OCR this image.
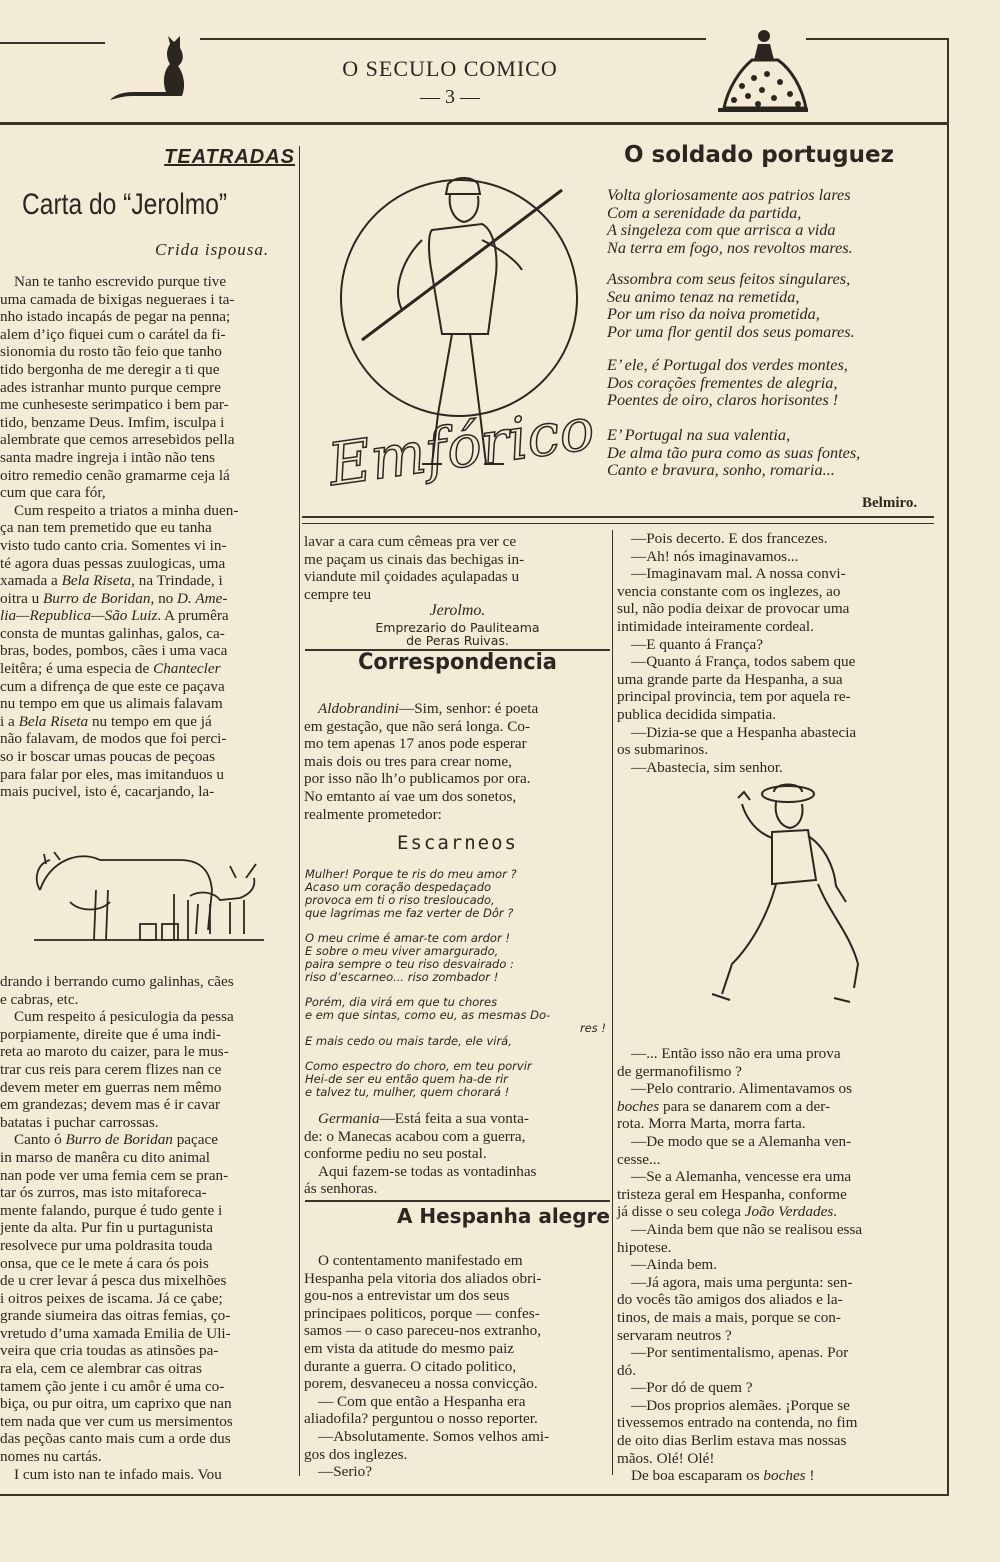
O SECULO COMICO
— 3 —
TEATRADAS
Carta do “Jerolmo”
Crida ispousa.

Nan te tanho escrevido purque tive

uma camada de bixigas negueraes i ta-

nho istado incapás de pegar na penna;

alem d’iço fiquei cum o carátel da fi-

sionomia du rosto tão feio que tanho

tido bergonha de me deregir a ti que

ades istranhar munto purque cempre

me cunheseste serimpatico i bem par-

tido, benzame Deus. Imfim, isculpa i

alembrate que cemos arresebidos pella

santa madre ingreja i intão não tens

oitro remedio cenão gramarme ceja lá

cum que cara fór,

Cum respeito a triatos a minha duen-

ça nan tem premetido que eu tanha

visto tudo canto cria. Somentes vi in-

té agora duas pessas zuulogicas, uma

xamada a Bela Riseta, na Trindade, i

oitra u Burro de Boridan, no D. Ame-

lia—Republica—São Luiz. A prumêra

consta de muntas galinhas, galos, ca-

bras, bodes, pombos, cães i uma vaca

leitêra; é uma especia de Chantecler

cum a difrença de que este ce paçava

nu tempo em que us alimais falavam

i a Bela Riseta nu tempo em que já

não falavam, de modos que foi perci-

so ir boscar umas poucas de peçoas

para falar por eles, mas imitanduos u

mais pucivel, isto é, cacarjando, la-

drando i berrando cumo galinhas, cães

e cabras, etc.

Cum respeito á pesiculogia da pessa

porpiamente, direite que é uma indi-

reta ao maroto du caizer, para le mus-

trar cus reis para cerem flizes nan ce

devem meter em guerras nem mêmo

em grandezas; devem mas é ir cavar

batatas i puchar carrossas.

Canto ó Burro de Boridan paçace

in marso de manêra cu dito animal

nan pode ver uma femia cem se pran-

tar ós zurros, mas isto mitaforeca-

mente falando, purque é tudo gente i

jente da alta. Pur fin u purtagunista

resolvece pur uma poldrasita touda

onsa, que ce le mete á cara ós pois

de u crer levar á pesca dus mixelhões

i oitros peixes de iscama. Já ce çabe;

grande siumeira das oitras femias, ço-

vretudo d’uma xamada Emilia de Uli-

veira que cria toudas as atinsões pa-

ra ela, cem ce alembrar cas oitras

tamem ção jente i cu amôr é uma co-

biça, ou pur oitra, um caprixo que nan

tem nada que ver cum us mersimentos

das peçõas canto mais cum a orde dus

nomes nu cartás.

I cum isto nan te infado mais. Vou

Emfórico
O soldado portuguez
Volta gloriosamente aos patrios lares
Com a serenidade da partida,
A singeleza com que arrisca a vida
Na terra em fogo, nos revoltos mares.
Assombra com seus feitos singulares,
Seu animo tenaz na remetida,
Por um riso da noiva prometida,
Por uma flor gentil dos seus pomares.
E’ ele, é Portugal dos verdes montes,
Dos corações frementes de alegria,
Poentes de oiro, claros horisontes !
E’ Portugal na sua valentia,
De alma tão pura como as suas fontes,
Canto e bravura, sonho, romaria...
Belmiro.

lavar a cara cum cêmeas pra ver ce

me paçam us cinais das bechigas in-

viandute mil çoidades açulapadas u

cempre teu

Jerolmo.
Emprezario do Pauliteama
de Peras Ruivas.
Correspondencia

Aldobrandini—Sim, senhor: é poeta

em gestação, que não será longa. Co-

mo tem apenas 17 anos pode esperar

mais dois ou tres para crear nome,

por isso não lh’o publicamos por ora.

No emtanto aí vae um dos sonetos,

realmente prometedor:

Escarneos
Mulher! Porque te ris do meu amor ?
Acaso um coração despedaçado
provoca em ti o riso tresloucado,
que lagrimas me faz verter de Dôr ?
O meu crime é amar-te com ardor !
E sobre o meu viver amargurado,
paira sempre o teu riso desvairado :
riso d’escarneo... riso zombador !
Porém, dia virá em que tu chores
e em que sintas, como eu, as mesmas Do-
res !
E mais cedo ou mais tarde, ele virá,
Como espectro do choro, em teu porvir
Hei-de ser eu então quem ha-de rir
e talvez tu, mulher, quem chorará !

Germania—Está feita a sua vonta-

de: o Manecas acabou com a guerra,

conforme pediu no seu postal.

Aqui fazem-se todas as vontadinhas

ás senhoras.

A Hespanha alegre

O contentamento manifestado em

Hespanha pela vitoria dos aliados obri-

gou-nos a entrevistar um dos seus

principaes politicos, porque — confes-

samos — o caso pareceu-nos extranho,

em vista da atitude do mesmo paiz

durante a guerra. O citado politico,

porem, desvaneceu a nossa convicção.

— Com que então a Hespanha era

aliadofila? perguntou o nosso reporter.

—Absolutamente. Somos velhos ami-

gos dos inglezes.

—Serio?

—Pois decerto. E dos francezes.

—Ah! nós imaginavamos...

—Imaginavam mal. A nossa convi-

vencia constante com os inglezes, ao

sul, não podia deixar de provocar uma

intimidade inteiramente cordeal.

—E quanto á França?

—Quanto á França, todos sabem que

uma grande parte da Hespanha, a sua

principal provincia, tem por aquela re-

publica decidida simpatia.

—Dizia-se que a Hespanha abastecia

os submarinos.

—Abastecia, sim senhor.

—... Então isso não era uma prova

de germanofilismo ?

—Pelo contrario. Alimentavamos os

boches para se danarem com a der-

rota. Morra Marta, morra farta.

—De modo que se a Alemanha ven-

cesse...

—Se a Alemanha, vencesse era uma

tristeza geral em Hespanha, conforme

já disse o seu colega João Verdades.

—Ainda bem que não se realisou essa

hipotese.

—Ainda bem.

—Já agora, mais uma pergunta: sen-

do vocês tão amigos dos aliados e la-

tinos, de mais a mais, porque se con-

servaram neutros ?

—Por sentimentalismo, apenas. Por

dó.

—Por dó de quem ?

—Dos proprios alemães. ¡Porque se

tivessemos entrado na contenda, no fim

de oito dias Berlim estava mas nossas

mãos. Olé! Olé!

De boa escaparam os boches !
